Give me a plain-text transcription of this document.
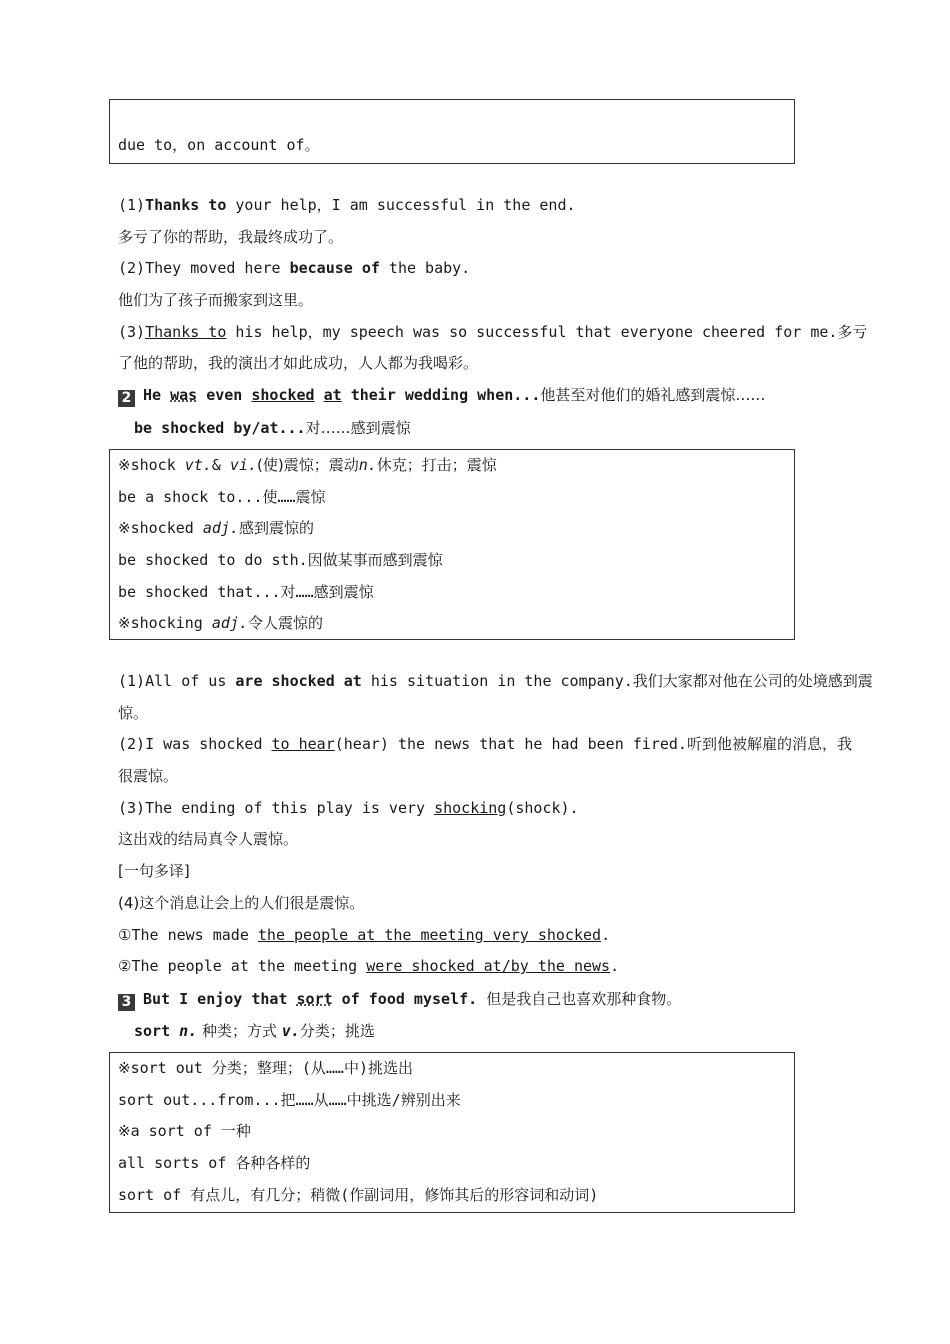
due to，on account of。
(1)Thanks to your help，I am successful in the end.
多亏了你的帮助，我最终成功了。
(2)They moved here because of the baby.
他们为了孩子而搬家到这里。
(3)Thanks to his help，my speech was so successful that everyone cheered for me.多亏
了他的帮助，我的演出才如此成功，人人都为我喝彩。
2 He was even shocked at their wedding when...他甚至对他们的婚礼感到震惊……
be shocked by/at...对……感到震惊
※shock vt.& vi.(使)震惊；震动n.休克；打击；震惊
be a shock to...使……震惊
※shocked adj.感到震惊的
be shocked to do sth.因做某事而感到震惊
be shocked that...对……感到震惊
※shocking adj.令人震惊的
(1)All of us are shocked at his situation in the company.我们大家都对他在公司的处境感到震
惊。
(2)I was shocked to hear(hear) the news that he had been fired.听到他被解雇的消息，我
很震惊。
(3)The ending of this play is very shocking(shock).
这出戏的结局真令人震惊。
[一句多译]
(4)这个消息让会上的人们很是震惊。
①The news made the people at the meeting very shocked.
②The people at the meeting were shocked at/by the news.
3 But I enjoy that sort of food myself. 但是我自己也喜欢那种食物。
sort n. 种类；方式 v.分类；挑选
※sort out 分类；整理；(从……中)挑选出
sort out...from...把……从……中挑选/辨别出来
※a sort of 一种
all sorts of 各种各样的
sort of 有点儿，有几分；稍微(作副词用，修饰其后的形容词和动词)
